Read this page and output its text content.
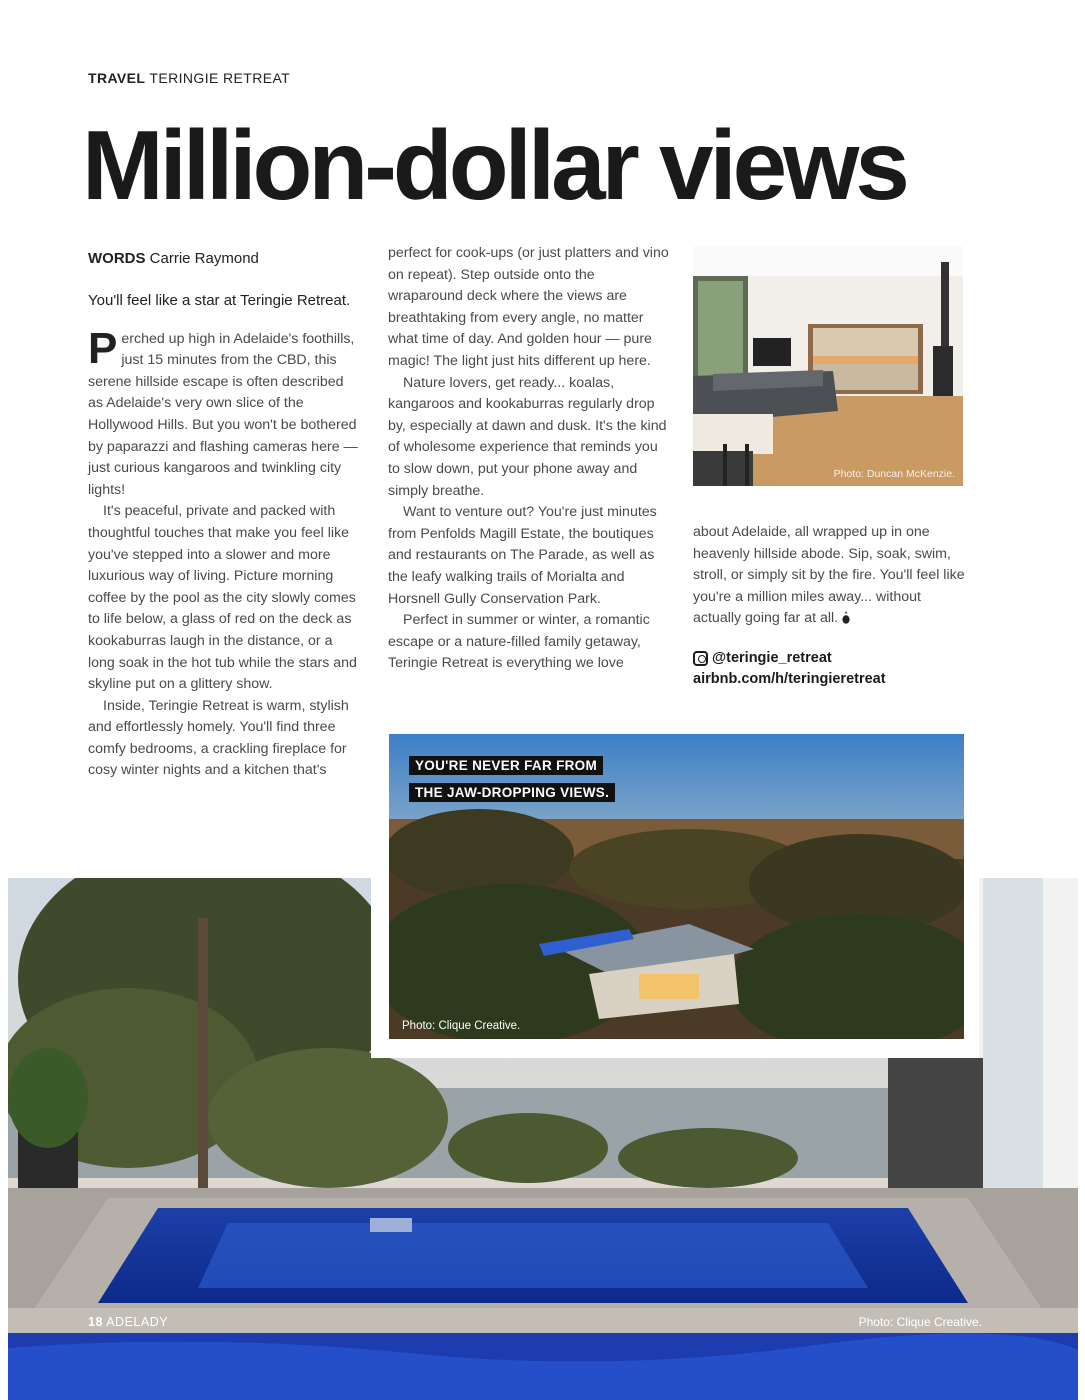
TRAVEL TERINGIE RETREAT
Million-dollar views

WORDS Carrie Raymond

You'll feel like a star at Teringie Retreat.

Perched up high in Adelaide's foothills, just 15 minutes from the CBD, this serene hillside escape is often described as Adelaide's very own slice of the Hollywood Hills. But you won't be bothered by paparazzi and flashing cameras here — just curious kangaroos and twinkling city lights!

It's peaceful, private and packed with thoughtful touches that make you feel like you've stepped into a slower and more luxurious way of living. Picture morning coffee by the pool as the city slowly comes to life below, a glass of red on the deck as kookaburras laugh in the distance, or a long soak in the hot tub while the stars and skyline put on a glittery show.

Inside, Teringie Retreat is warm, stylish and effortlessly homely. You'll find three comfy bedrooms, a crackling fireplace for cosy winter nights and a kitchen that's

perfect for cook-ups (or just platters and vino on repeat). Step outside onto the wraparound deck where the views are breathtaking from every angle, no matter what time of day. And golden hour — pure magic! The light just hits different up here.

Nature lovers, get ready... koalas, kangaroos and kookaburras regularly drop by, especially at dawn and dusk. It's the kind of wholesome experience that reminds you to slow down, put your phone away and simply breathe.

Want to venture out? You're just minutes from Penfolds Magill Estate, the boutiques and restaurants on The Parade, as well as the leafy walking trails of Morialta and Horsnell Gully Conservation Park.

Perfect in summer or winter, a romantic escape or a nature-filled family getaway, Teringie Retreat is everything we love

Photo: Duncan McKenzie.

about Adelaide, all wrapped up in one heavenly hillside abode. Sip, soak, swim, stroll, or simply sit by the fire. You'll feel like you're a million miles away... without actually going far at all.

@teringie_retreat
airbnb.com/h/teringieretreat
18 ADELADY	Photo: Clique Creative.
YOU'RE NEVER FAR FROM
THE JAW-DROPPING VIEWS.
Photo: Clique Creative.
